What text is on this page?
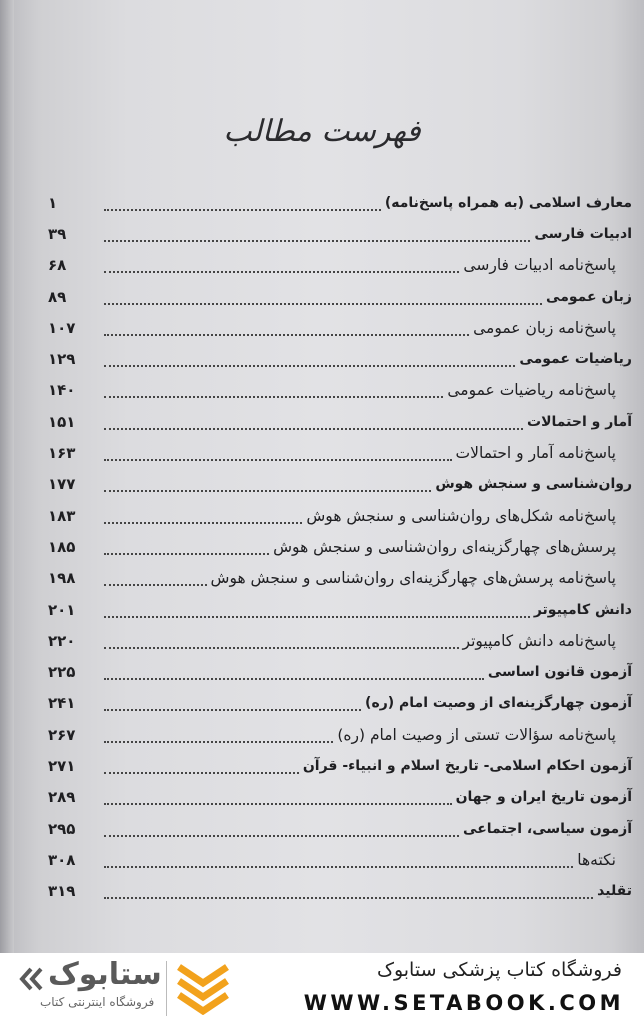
فهرست مطالب
معارف اسلامی (به همراه پاسخ‌نامه)
۱
ادبیات فارسی
۳۹
پاسخ‌نامه ادبیات فارسی
۶۸
زبان عمومی
۸۹
پاسخ‌نامه زبان عمومی
۱۰۷
ریاضیات عمومی
۱۲۹
پاسخ‌نامه ریاضیات عمومی
۱۴۰
آمار و احتمالات
۱۵۱
پاسخ‌نامه آمار و احتمالات
۱۶۳
روان‌شناسی و سنجش هوش
۱۷۷
پاسخ‌نامه شکل‌های روان‌شناسی و سنجش هوش
۱۸۳
پرسش‌های چهارگزینه‌ای روان‌شناسی و سنجش هوش
۱۸۵
پاسخ‌نامه پرسش‌های چهارگزینه‌ای روان‌شناسی و سنجش هوش
۱۹۸
دانش کامپیوتر
۲۰۱
پاسخ‌نامه دانش کامپیوتر
۲۲۰
آزمون قانون اساسی
۲۲۵
آزمون چهارگزینه‌ای از وصیت امام (ره)
۲۴۱
پاسخ‌نامه سؤالات تستی از وصیت امام (ره)
۲۶۷
آزمون احکام اسلامی- تاریخ اسلام و انبیاء- قرآن
۲۷۱
آزمون تاریخ ایران و جهان
۲۸۹
آزمون سیاسی، اجتماعی
۲۹۵
نکته‌ها
۳۰۸
تقلید
۳۱۹
ستابوک
فروشگاه اینترنتی کتاب
فروشگاه کتاب پزشکی ستابوک
WWW.SETABOOK.COM
